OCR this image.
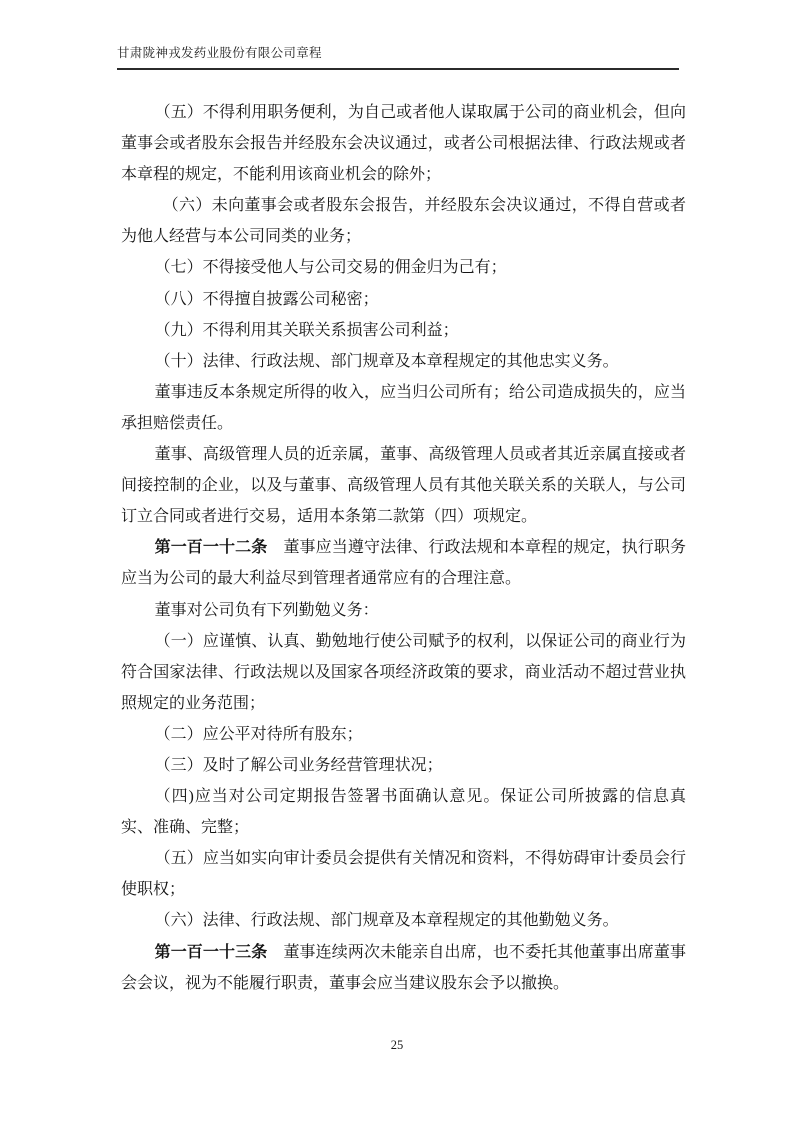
甘肃陇神戎发药业股份有限公司章程

（五）不得利用职务便利，为自己或者他人谋取属于公司的商业机会，但向董事会或者股东会报告并经股东会决议通过，或者公司根据法律、行政法规或者本章程的规定，不能利用该商业机会的除外；

（六）未向董事会或者股东会报告，并经股东会决议通过，不得自营或者为他人经营与本公司同类的业务；

（七）不得接受他人与公司交易的佣金归为己有；

（八）不得擅自披露公司秘密；

（九）不得利用其关联关系损害公司利益；

（十）法律、行政法规、部门规章及本章程规定的其他忠实义务。

董事违反本条规定所得的收入，应当归公司所有；给公司造成损失的，应当承担赔偿责任。

董事、高级管理人员的近亲属，董事、高级管理人员或者其近亲属直接或者间接控制的企业，以及与董事、高级管理人员有其他关联关系的关联人，与公司订立合同或者进行交易，适用本条第二款第（四）项规定。

第一百一十二条　董事应当遵守法律、行政法规和本章程的规定，执行职务应当为公司的最大利益尽到管理者通常应有的合理注意。

董事对公司负有下列勤勉义务：

（一）应谨慎、认真、勤勉地行使公司赋予的权利，以保证公司的商业行为符合国家法律、行政法规以及国家各项经济政策的要求，商业活动不超过营业执照规定的业务范围；

（二）应公平对待所有股东；

（三）及时了解公司业务经营管理状况；

（四)应当对公司定期报告签署书面确认意见。保证公司所披露的信息真实、准确、完整；

（五）应当如实向审计委员会提供有关情况和资料，不得妨碍审计委员会行使职权；

（六）法律、行政法规、部门规章及本章程规定的其他勤勉义务。

第一百一十三条　董事连续两次未能亲自出席，也不委托其他董事出席董事会会议，视为不能履行职责，董事会应当建议股东会予以撤换。

25
